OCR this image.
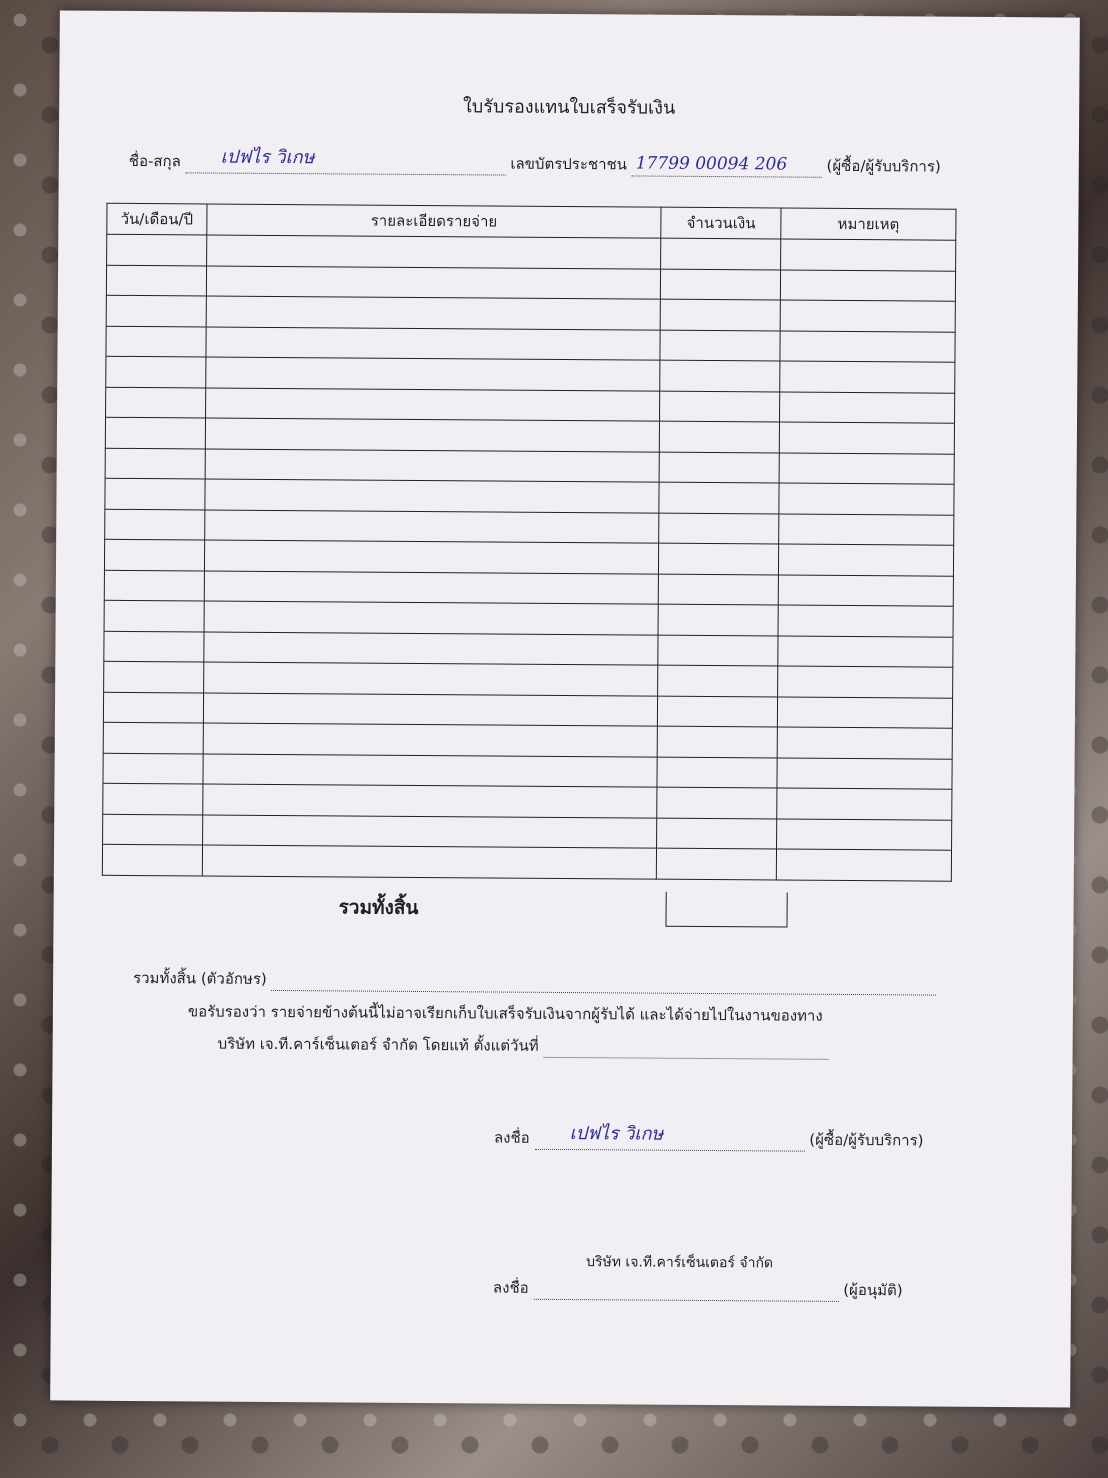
ใบรับรองแทนใบเสร็จรับเงิน
ชื่อ-สกุล เปฟไร วิเกษ	เลขบัตรประชาชน 17799 00094 206	(ผู้ซื้อ/ผู้รับบริการ)
วัน/เดือน/ปี	รายละเอียดรายจ่าย	จำนวนเงิน	หมายเหตุ

รวมทั้งสิ้น
รวมทั้งสิ้น (ตัวอักษร)
ขอรับรองว่า รายจ่ายข้างต้นนี้ไม่อาจเรียกเก็บใบเสร็จรับเงินจากผู้รับได้ และได้จ่ายไปในงานของทาง
บริษัท เจ.ที.คาร์เซ็นเตอร์ จำกัด โดยแท้ ตั้งแต่วันที่
ลงชื่อ เปฟไร วิเกษ	(ผู้ซื้อ/ผู้รับบริการ)
บริษัท เจ.ที.คาร์เซ็นเตอร์ จำกัด
ลงชื่อ	(ผู้อนุมัติ)
